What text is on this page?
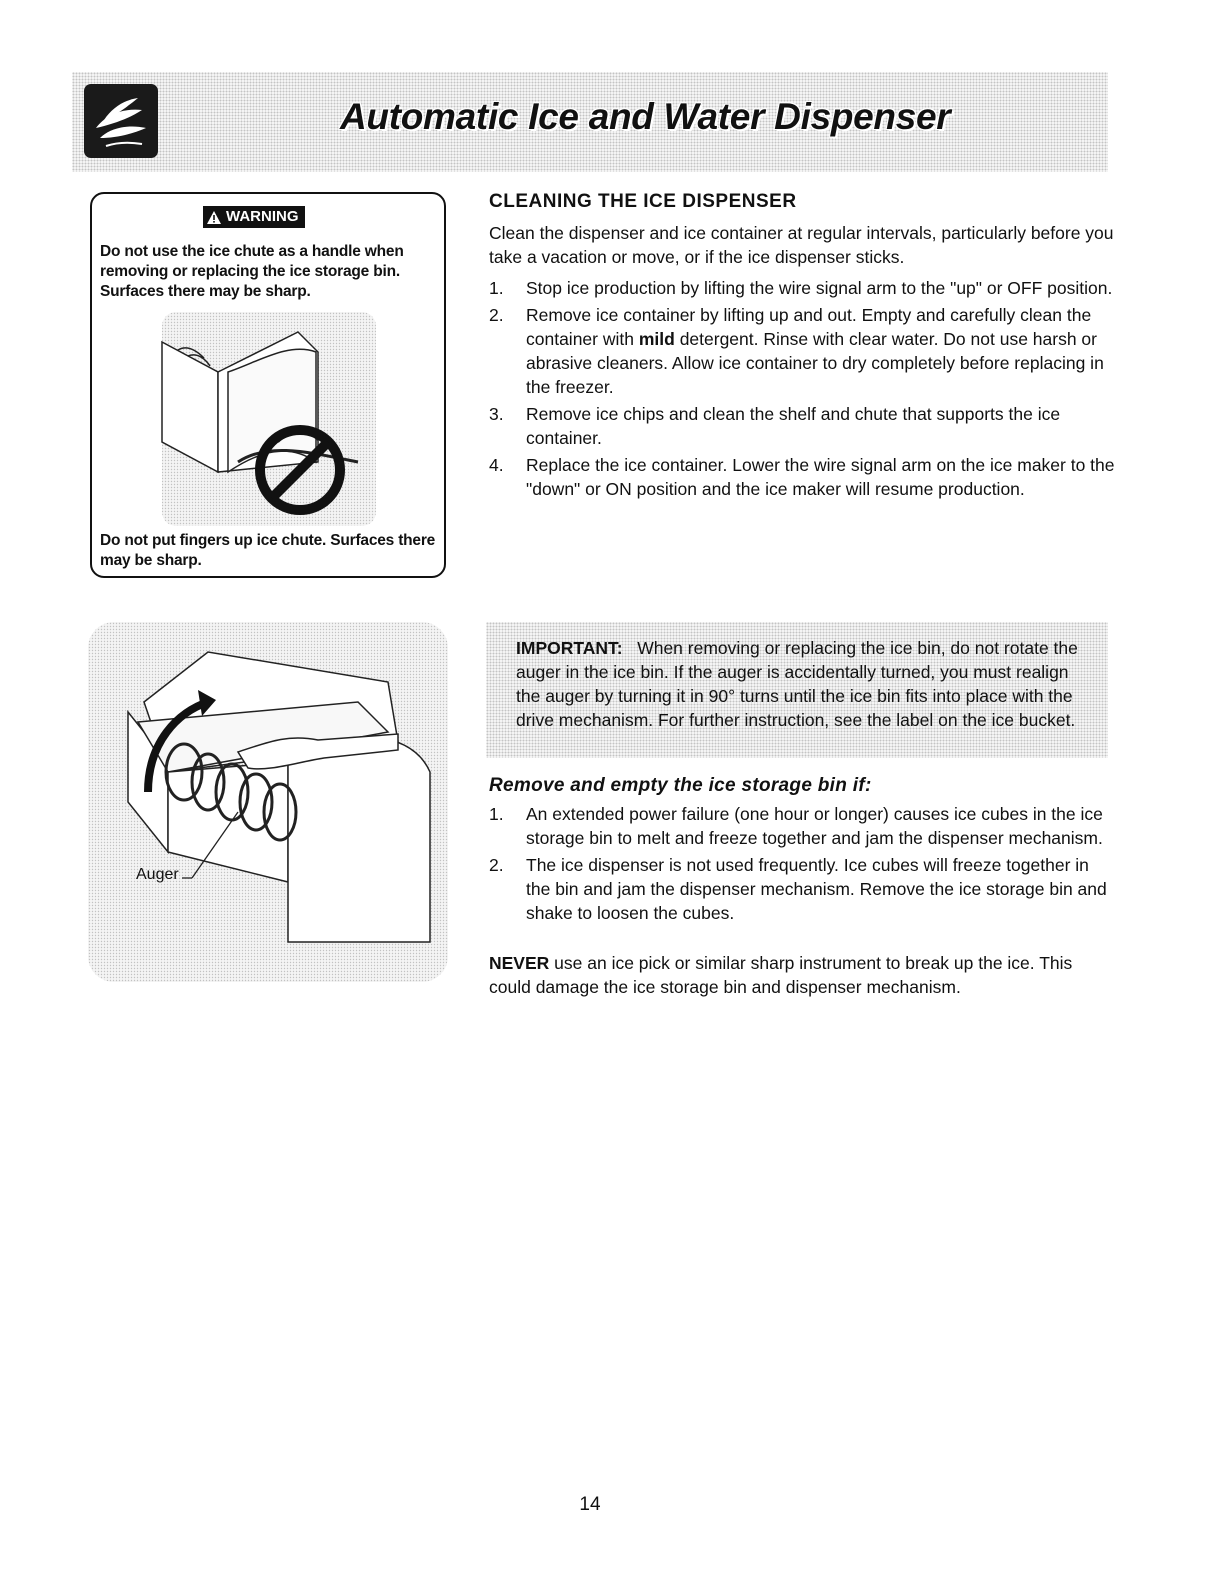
Automatic Ice and Water Dispenser
WARNING

Do not use the ice chute as a handle when removing or replacing the ice storage bin. Surfaces there may be sharp.

Do not put fingers up ice chute. Surfaces there may be sharp.

CLEANING THE ICE DISPENSER

Clean the dispenser and ice container at regular intervals, particularly before you take a vacation or move, or if the ice dispenser sticks.

1. Stop ice production by lifting the wire signal arm to the "up" or OFF position.
2. Remove ice container by lifting up and out. Empty and carefully clean the container with mild detergent. Rinse with clear water. Do not use harsh or abrasive cleaners. Allow ice container to dry completely before replacing in the freezer.
3. Remove ice chips and clean the shelf and chute that supports the ice container.
4. Replace the ice container. Lower the wire signal arm on the ice maker to the "down" or ON position and the ice maker will resume production.
Auger

IMPORTANT: When removing or replacing the ice bin, do not rotate the auger in the ice bin. If the auger is accidentally turned, you must realign the auger by turning it in 90° turns until the ice bin fits into place with the drive mechanism. For further instruction, see the label on the ice bucket.

Remove and empty the ice storage bin if:
1. An extended power failure (one hour or longer) causes ice cubes in the ice storage bin to melt and freeze together and jam the dispenser mechanism.
2. The ice dispenser is not used frequently. Ice cubes will freeze together in the bin and jam the dispenser mechanism. Remove the ice storage bin and shake to loosen the cubes.

NEVER use an ice pick or similar sharp instrument to break up the ice. This could damage the ice storage bin and dispenser mechanism.

14
